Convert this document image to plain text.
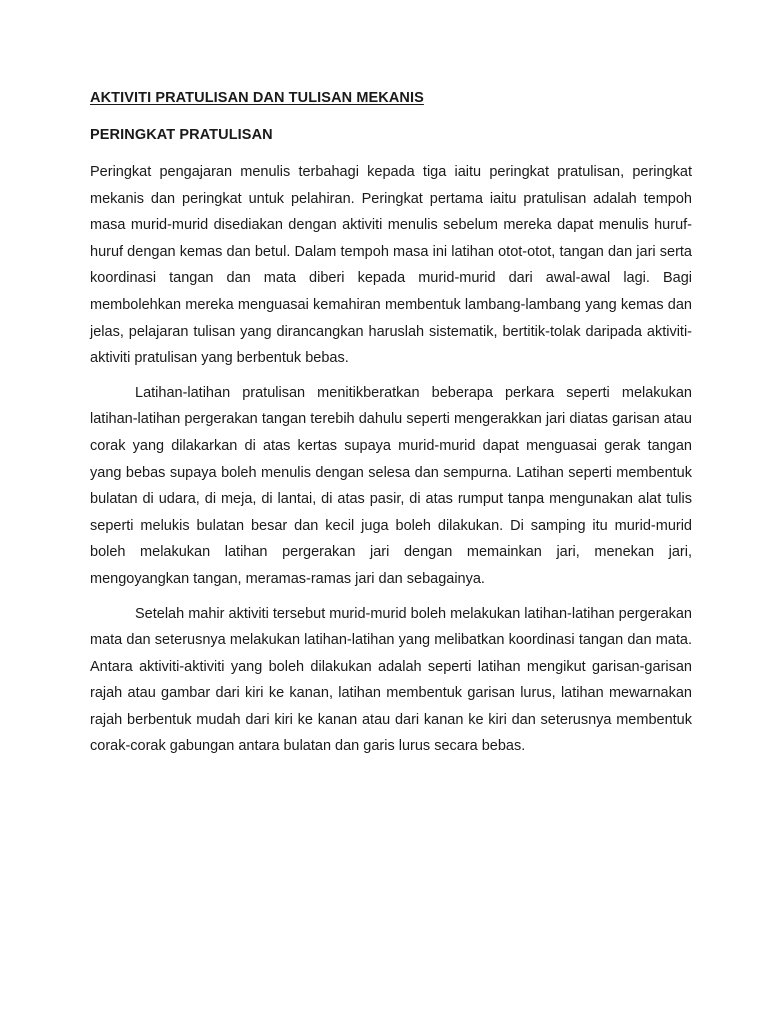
AKTIVITI PRATULISAN DAN TULISAN MEKANIS
PERINGKAT PRATULISAN

Peringkat pengajaran menulis terbahagi kepada tiga iaitu peringkat pratulisan, peringkat mekanis dan peringkat untuk pelahiran. Peringkat pertama iaitu pratulisan adalah tempoh masa murid-murid disediakan dengan aktiviti menulis sebelum mereka dapat menulis huruf-huruf dengan kemas dan betul. Dalam tempoh masa ini latihan otot-otot, tangan dan jari serta koordinasi tangan dan mata diberi kepada murid-murid dari awal-awal lagi. Bagi membolehkan mereka menguasai kemahiran membentuk lambang-lambang yang kemas dan jelas, pelajaran tulisan yang dirancangkan haruslah sistematik, bertitik-tolak daripada aktiviti-aktiviti pratulisan yang berbentuk bebas.

Latihan-latihan pratulisan menitikberatkan beberapa perkara seperti melakukan latihan-latihan pergerakan tangan terebih dahulu seperti mengerakkan jari diatas garisan atau corak yang dilakarkan di atas kertas supaya murid-murid dapat menguasai gerak tangan yang bebas supaya boleh menulis dengan selesa dan sempurna. Latihan seperti membentuk bulatan di udara, di meja, di lantai, di atas pasir, di atas rumput tanpa mengunakan alat tulis seperti melukis bulatan besar dan kecil juga boleh dilakukan. Di samping itu murid-murid boleh melakukan latihan pergerakan jari dengan memainkan jari, menekan jari, mengoyangkan tangan, meramas-ramas jari dan sebagainya.

Setelah mahir aktiviti tersebut murid-murid boleh melakukan latihan-latihan pergerakan mata dan seterusnya melakukan latihan-latihan yang melibatkan koordinasi tangan dan mata. Antara aktiviti-aktiviti yang boleh dilakukan adalah seperti latihan mengikut garisan-garisan rajah atau gambar dari kiri ke kanan, latihan membentuk garisan lurus, latihan mewarnakan rajah berbentuk mudah dari kiri ke kanan atau dari kanan ke kiri dan seterusnya membentuk corak-corak gabungan antara bulatan dan garis lurus secara bebas.
